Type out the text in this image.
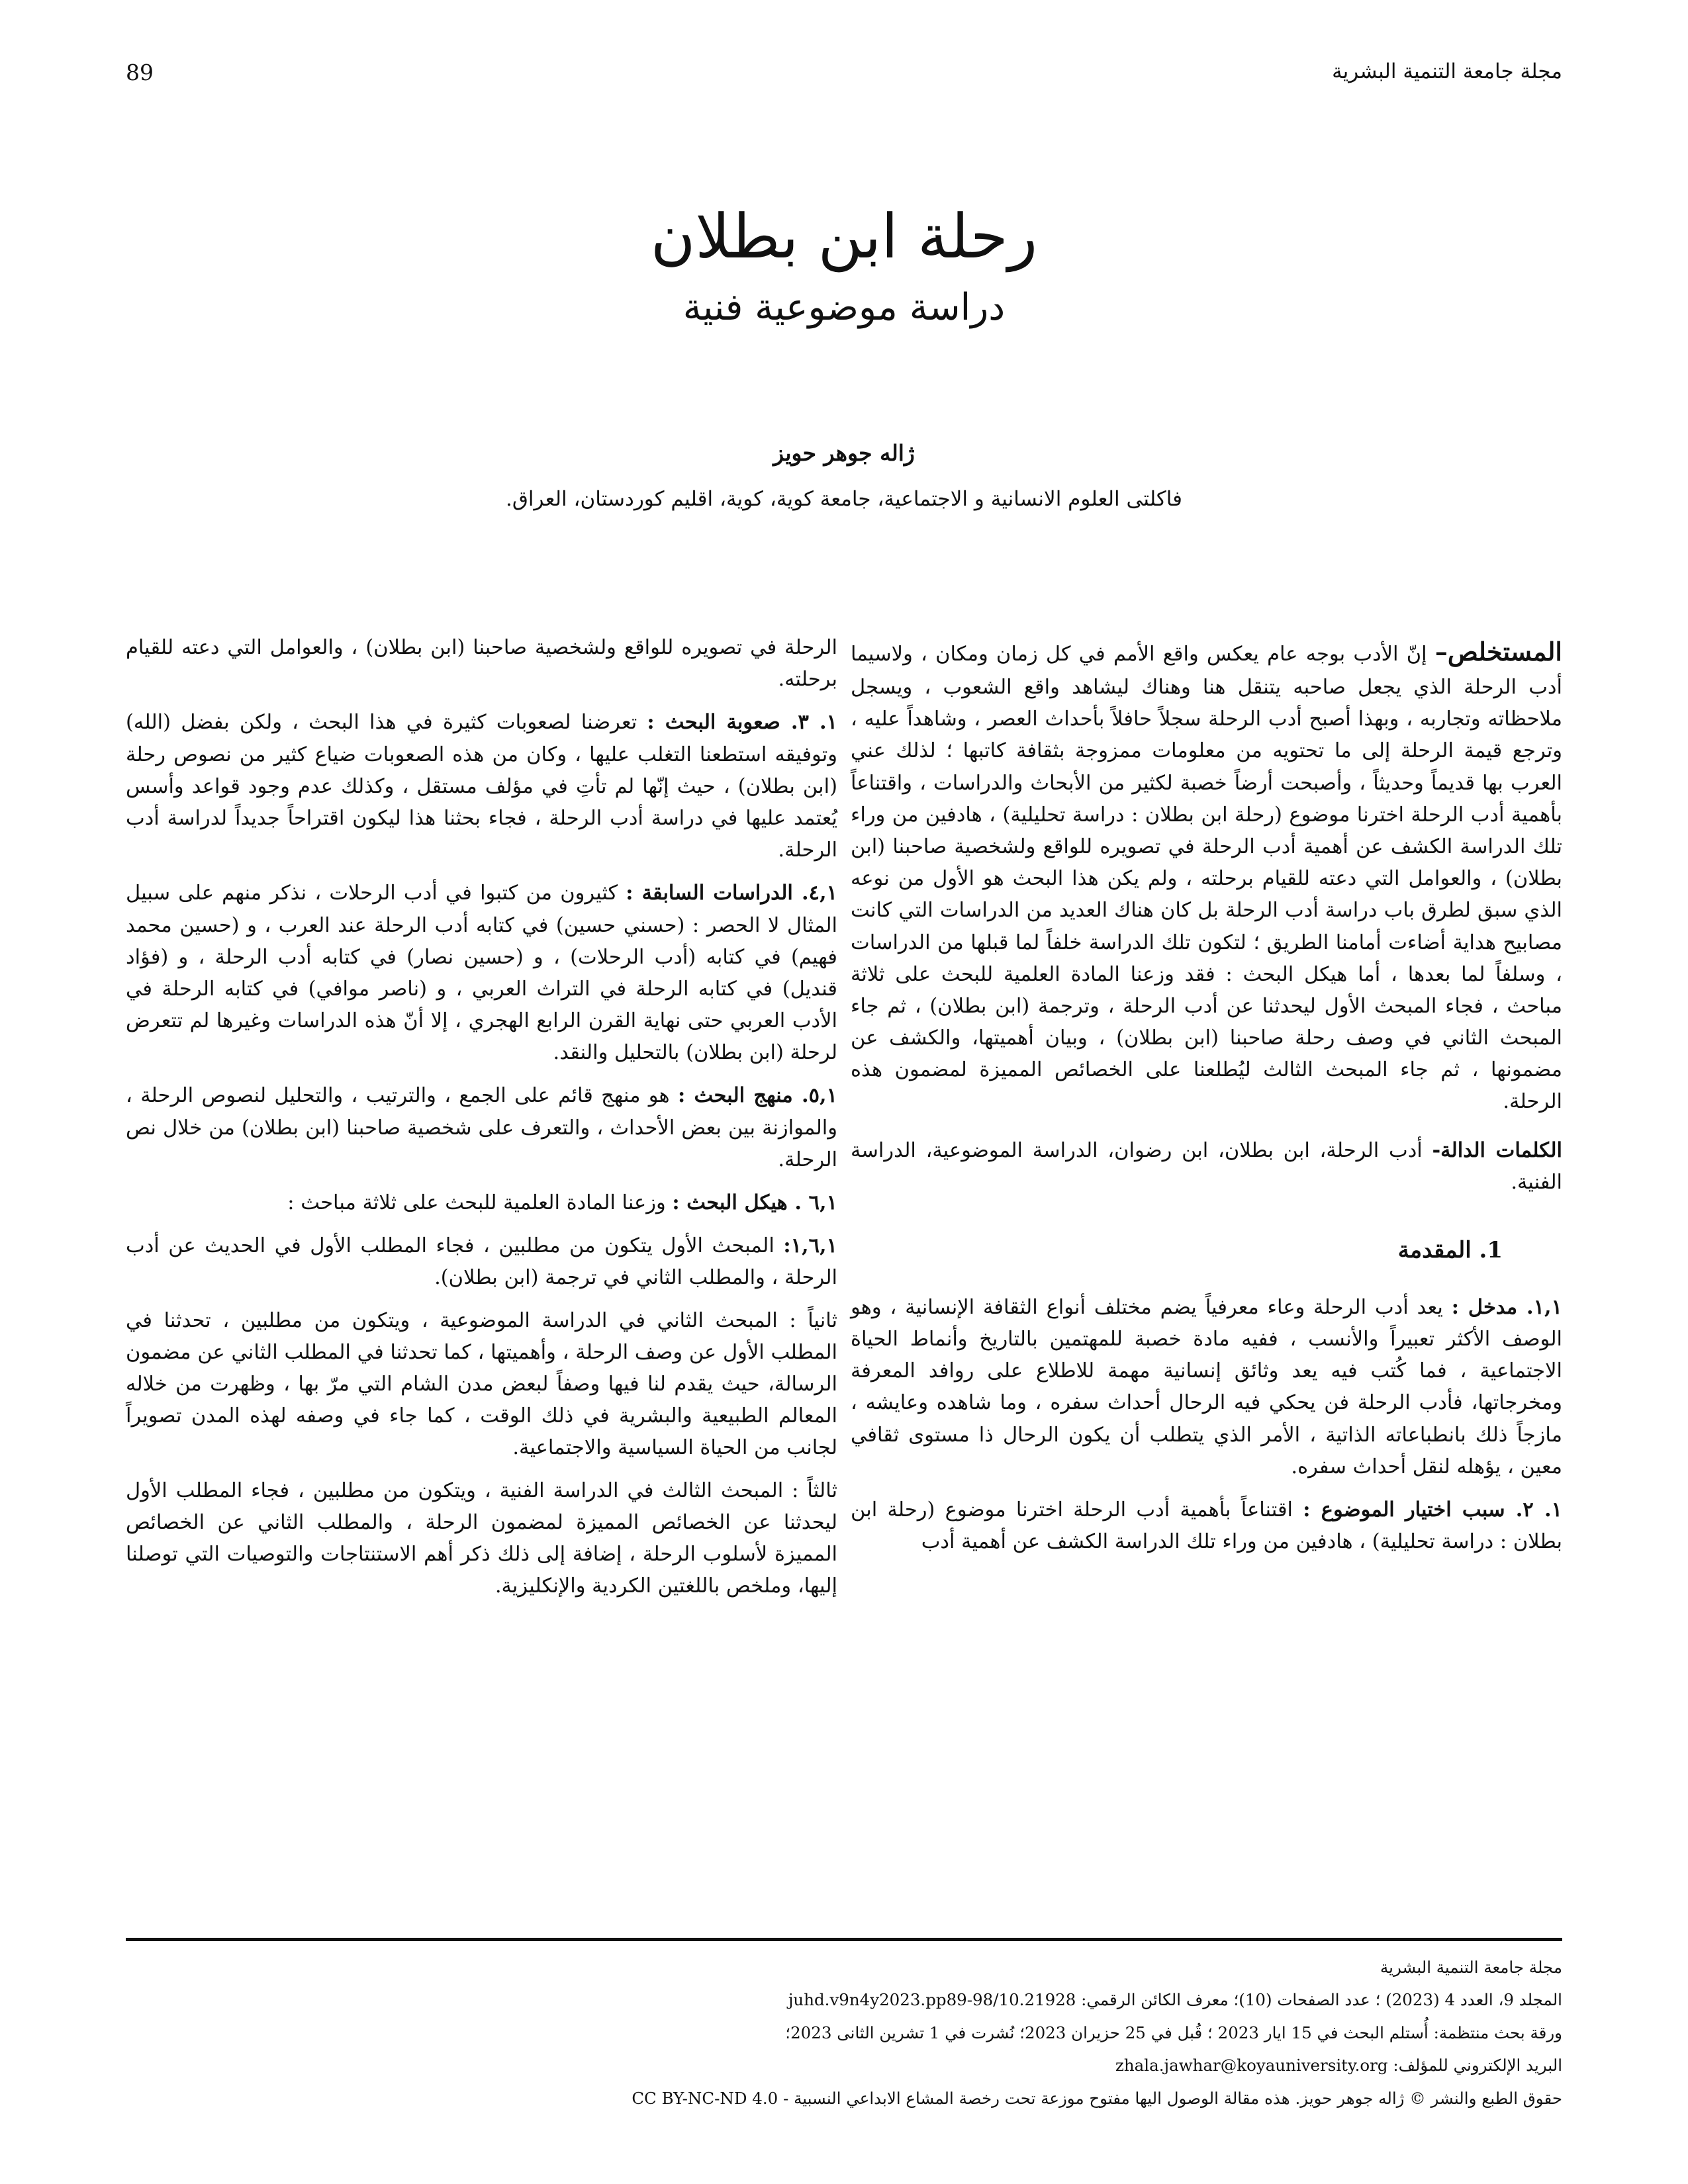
مجلة جامعة التنمية البشرية
89
رحلة ابن بطلان
دراسة موضوعية فنية
ژاله جوهر حويز
فاكلتى العلوم الانسانية و الاجتماعية، جامعة كوية، كوية، اقليم كوردستان، العراق.

المستخلص– إنّ الأدب بوجه عام يعكس واقع الأمم في كل زمان ومكان ، ولاسيما أدب الرحلة الذي يجعل صاحبه يتنقل هنا وهناك ليشاهد واقع الشعوب ، ويسجل ملاحظاته وتجاربه ، وبهذا أصبح أدب الرحلة سجلاً حافلاً بأحداث العصر ، وشاهداً عليه ، وترجع قيمة الرحلة إلى ما تحتويه من معلومات ممزوجة بثقافة كاتبها ؛ لذلك عني العرب بها قديماً وحديثاً ، وأصبحت أرضاً خصبة لكثير من الأبحاث والدراسات ، واقتناعاً بأهمية أدب الرحلة اخترنا موضوع (رحلة ابن بطلان : دراسة تحليلية) ، هادفين من وراء تلك الدراسة الكشف عن أهمية أدب الرحلة في تصويره للواقع ولشخصية صاحبنا (ابن بطلان) ، والعوامل التي دعته للقيام برحلته ، ولم يكن هذا البحث هو الأول من نوعه الذي سبق لطرق باب دراسة أدب الرحلة بل كان هناك العديد من الدراسات التي كانت مصابيح هداية أضاءت أمامنا الطريق ؛ لتكون تلك الدراسة خلفاً لما قبلها من الدراسات ، وسلفاً لما بعدها ، أما هيكل البحث : فقد وزعنا المادة العلمية للبحث على ثلاثة مباحث ، فجاء المبحث الأول ليحدثنا عن أدب الرحلة ، وترجمة (ابن بطلان) ، ثم جاء المبحث الثاني في وصف رحلة صاحبنا (ابن بطلان) ، وبيان أهميتها، والكشف عن مضمونها ، ثم جاء المبحث الثالث ليُطلعنا على الخصائص المميزة لمضمون هذه الرحلة.

الكلمات الدالة- أدب الرحلة، ابن بطلان، ابن رضوان، الدراسة الموضوعية، الدراسة الفنية.

1. المقدمة

١,١. مدخل : يعد أدب الرحلة وعاء معرفياً يضم مختلف أنواع الثقافة الإنسانية ، وهو الوصف الأكثر تعبيراً والأنسب ، ففيه مادة خصبة للمهتمين بالتاريخ وأنماط الحياة الاجتماعية ، فما كُتب فيه يعد وثائق إنسانية مهمة للاطلاع على روافد المعرفة ومخرجاتها، فأدب الرحلة فن يحكي فيه الرحال أحداث سفره ، وما شاهده وعايشه ، مازجاً ذلك بانطباعاته الذاتية ، الأمر الذي يتطلب أن يكون الرحال ذا مستوى ثقافي معين ، يؤهله لنقل أحداث سفره.

١. ٢. سبب اختيار الموضوع : اقتناعاً بأهمية أدب الرحلة اخترنا موضوع (رحلة ابن بطلان : دراسة تحليلية) ، هادفين من وراء تلك الدراسة الكشف عن أهمية أدب

الرحلة في تصويره للواقع ولشخصية صاحبنا (ابن بطلان) ، والعوامل التي دعته للقيام برحلته.

١. ٣. صعوبة البحث : تعرضنا لصعوبات كثيرة في هذا البحث ، ولكن بفضل (الله) وتوفيقه استطعنا التغلب عليها ، وكان من هذه الصعوبات ضياع كثير من نصوص رحلة (ابن بطلان) ، حيث إنّها لم تأتِ في مؤلف مستقل ، وكذلك عدم وجود قواعد وأسس يُعتمد عليها في دراسة أدب الرحلة ، فجاء بحثنا هذا ليكون اقتراحاً جديداً لدراسة أدب الرحلة.

٤,١. الدراسات السابقة : كثيرون من كتبوا في أدب الرحلات ، نذكر منهم على سبيل المثال لا الحصر : (حسني حسين) في كتابه أدب الرحلة عند العرب ، و (حسين محمد فهيم) في كتابه (أدب الرحلات) ، و (حسين نصار) في كتابه أدب الرحلة ، و (فؤاد قنديل) في كتابه الرحلة في التراث العربي ، و (ناصر موافي) في كتابه الرحلة في الأدب العربي حتى نهاية القرن الرابع الهجري ، إلا أنّ هذه الدراسات وغيرها لم تتعرض لرحلة (ابن بطلان) بالتحليل والنقد.

٥,١. منهج البحث : هو منهج قائم على الجمع ، والترتيب ، والتحليل لنصوص الرحلة ، والموازنة بين بعض الأحداث ، والتعرف على شخصية صاحبنا (ابن بطلان) من خلال نص الرحلة.

٦,١ . هيكل البحث : وزعنا المادة العلمية للبحث على ثلاثة مباحث :

١,٦,١: المبحث الأول يتكون من مطلبين ، فجاء المطلب الأول في الحديث عن أدب الرحلة ، والمطلب الثاني في ترجمة (ابن بطلان).

ثانياً : المبحث الثاني في الدراسة الموضوعية ، ويتكون من مطلبين ، تحدثنا في المطلب الأول عن وصف الرحلة ، وأهميتها ، كما تحدثنا في المطلب الثاني عن مضمون الرسالة، حيث يقدم لنا فيها وصفاً لبعض مدن الشام التي مرّ بها ، وظهرت من خلاله المعالم الطبيعية والبشرية في ذلك الوقت ، كما جاء في وصفه لهذه المدن تصويراً لجانب من الحياة السياسية والاجتماعية.

ثالثاً : المبحث الثالث في الدراسة الفنية ، ويتكون من مطلبين ، فجاء المطلب الأول ليحدثنا عن الخصائص المميزة لمضمون الرحلة ، والمطلب الثاني عن الخصائص المميزة لأسلوب الرحلة ، إضافة إلى ذلك ذكر أهم الاستنتاجات والتوصيات التي توصلنا إليها، وملخص باللغتين الكردية والإنكليزية.

مجلة جامعة التنمية البشرية
المجلد 9، العدد 4 (2023) ؛ عدد الصفحات (10)؛ معرف الكائن الرقمي: 10.21928/juhd.v9n4y2023.pp89-98
ورقة بحث منتظمة: أُستلم البحث في 15 ايار 2023 ؛ قُبل في 25 حزيران 2023؛ نُشرت في 1 تشرين الثانى 2023؛
البريد الإلكتروني للمؤلف: zhala.jawhar@koyauniversity.org
حقوق الطبع والنشر © ژاله جوهر حويز. هذه مقالة الوصول اليها مفتوح موزعة تحت رخصة المشاع الابداعي النسبية - CC BY-NC-ND 4.0
